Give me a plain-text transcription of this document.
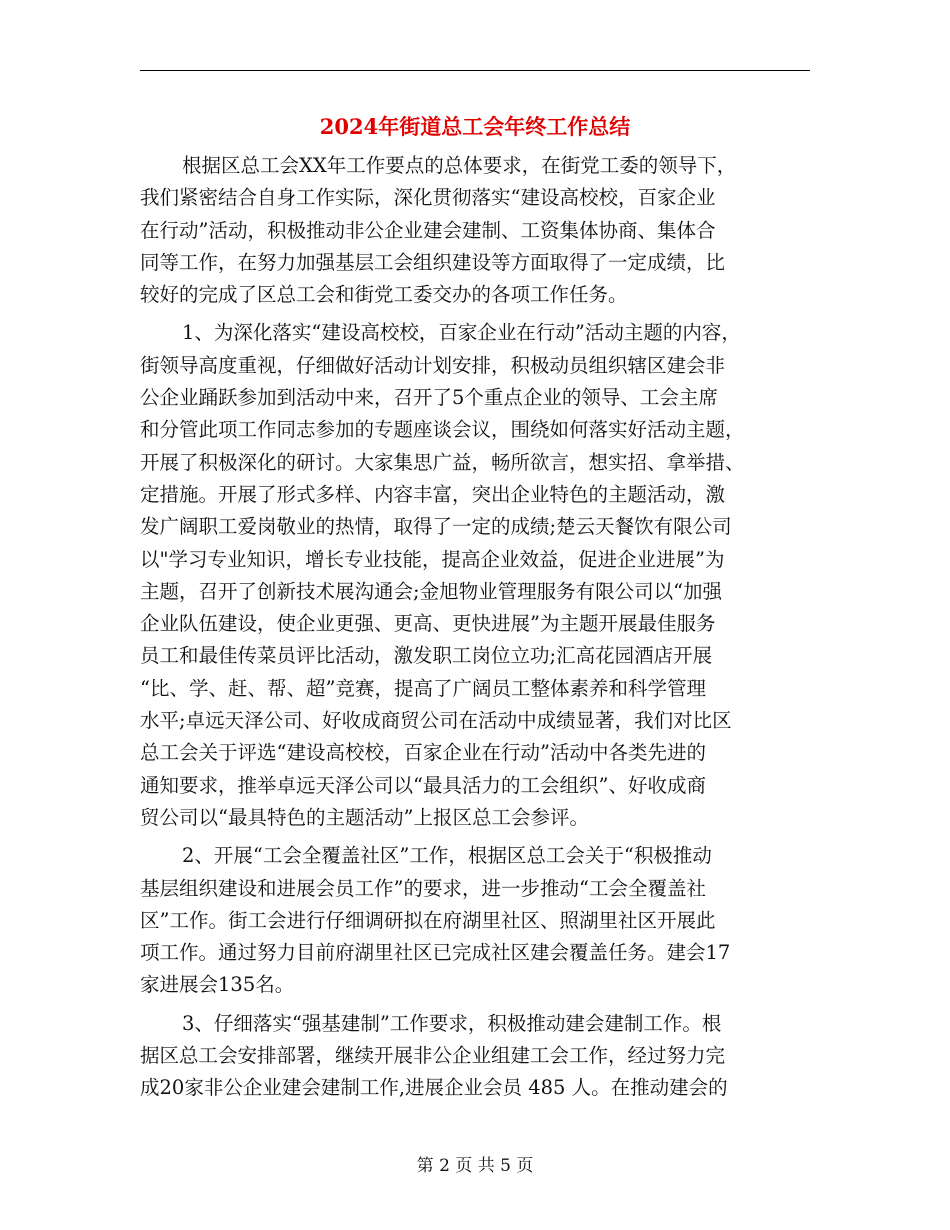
2024年街道总工会年终工作总结
根据区总工会XX年工作要点的总体要求，在街党工委的领导下，
我们紧密结合自身工作实际，深化贯彻落实“建设高校校，百家企业
在行动”活动，积极推动非公企业建会建制、工资集体协商、集体合
同等工作，在努力加强基层工会组织建设等方面取得了一定成绩，比
较好的完成了区总工会和街党工委交办的各项工作任务。
1、为深化落实“建设高校校，百家企业在行动”活动主题的内容，
街领导高度重视，仔细做好活动计划安排，积极动员组织辖区建会非
公企业踊跃参加到活动中来，召开了5个重点企业的领导、工会主席
和分管此项工作同志参加的专题座谈会议，围绕如何落实好活动主题，
开展了积极深化的研讨。大家集思广益，畅所欲言，想实招、拿举措、
定措施。开展了形式多样、内容丰富，突出企业特色的主题活动，激
发广阔职工爱岗敬业的热情，取得了一定的成绩;楚云天餐饮有限公司
以"学习专业知识，增长专业技能，提高企业效益，促进企业进展”为
主题，召开了创新技术展沟通会;金旭物业管理服务有限公司以“加强
企业队伍建设，使企业更强、更高、更快进展”为主题开展最佳服务
员工和最佳传菜员评比活动，激发职工岗位立功;汇高花园酒店开展
“比、学、赶、帮、超”竞赛，提高了广阔员工整体素养和科学管理
水平;卓远天泽公司、好收成商贸公司在活动中成绩显著，我们对比区
总工会关于评选“建设高校校，百家企业在行动”活动中各类先进的
通知要求，推举卓远天泽公司以“最具活力的工会组织”、好收成商
贸公司以“最具特色的主题活动”上报区总工会参评。
2、开展“工会全覆盖社区”工作，根据区总工会关于“积极推动
基层组织建设和进展会员工作”的要求，进一步推动“工会全覆盖社
区”工作。街工会进行仔细调研拟在府湖里社区、照湖里社区开展此
项工作。通过努力目前府湖里社区已完成社区建会覆盖任务。建会17
家进展会135名。
3、仔细落实“强基建制”工作要求，积极推动建会建制工作。根
据区总工会安排部署，继续开展非公企业组建工会工作，经过努力完
成20家非公企业建会建制工作,进展企业会员 485 人。在推动建会的
第 2 页 共 5 页
